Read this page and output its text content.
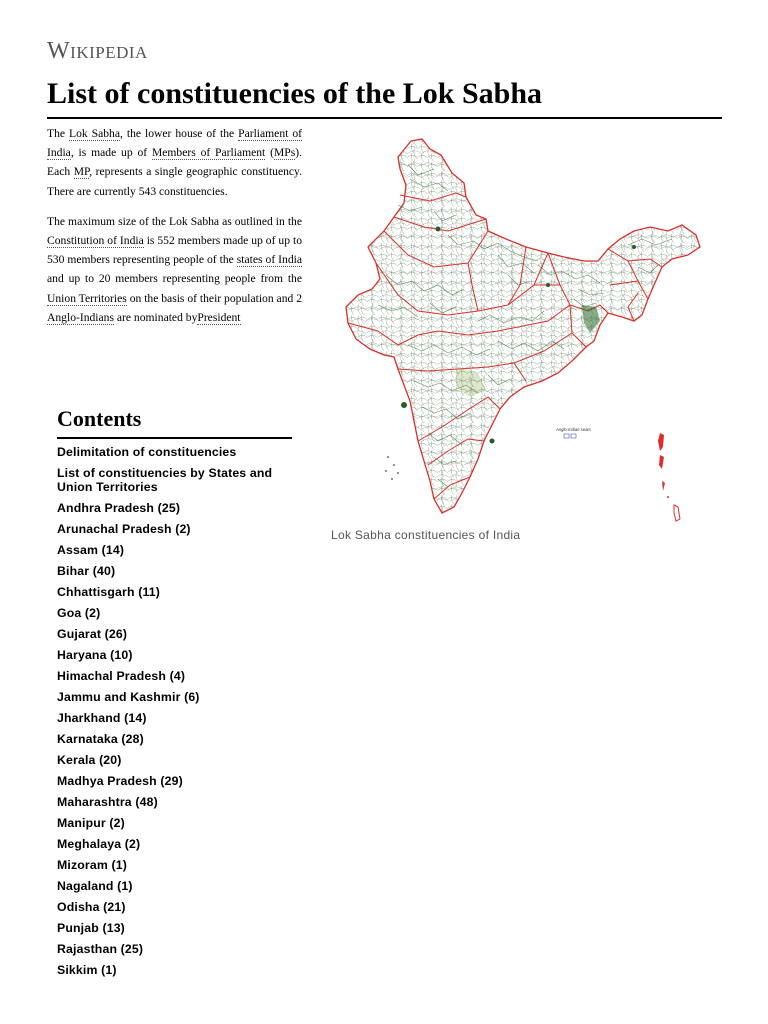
Wikipedia
List of constituencies of the Lok Sabha

The Lok Sabha, the lower house of the Parliament of India, is made up of Members of Parliament (MPs). Each MP, represents a single geographic constituency. There are currently 543 constituencies.

The maximum size of the Lok Sabha as outlined in the Constitution of India is 552 members made up of up to 530 members representing people of the states of India and up to 20 members representing people from the Union Territories on the basis of their population and 2 Anglo-Indians are nominated byPresident

Anglo-Indian seats
Lok Sabha constituencies of India
Contents
Delimitation of constituencies
List of constituencies by States and Union Territories
Andhra Pradesh (25)
Arunachal Pradesh (2)
Assam (14)
Bihar (40)
Chhattisgarh (11)
Goa (2)
Gujarat (26)
Haryana (10)
Himachal Pradesh (4)
Jammu and Kashmir (6)
Jharkhand (14)
Karnataka (28)
Kerala (20)
Madhya Pradesh (29)
Maharashtra (48)
Manipur (2)
Meghalaya (2)
Mizoram (1)
Nagaland (1)
Odisha (21)
Punjab (13)
Rajasthan (25)
Sikkim (1)
